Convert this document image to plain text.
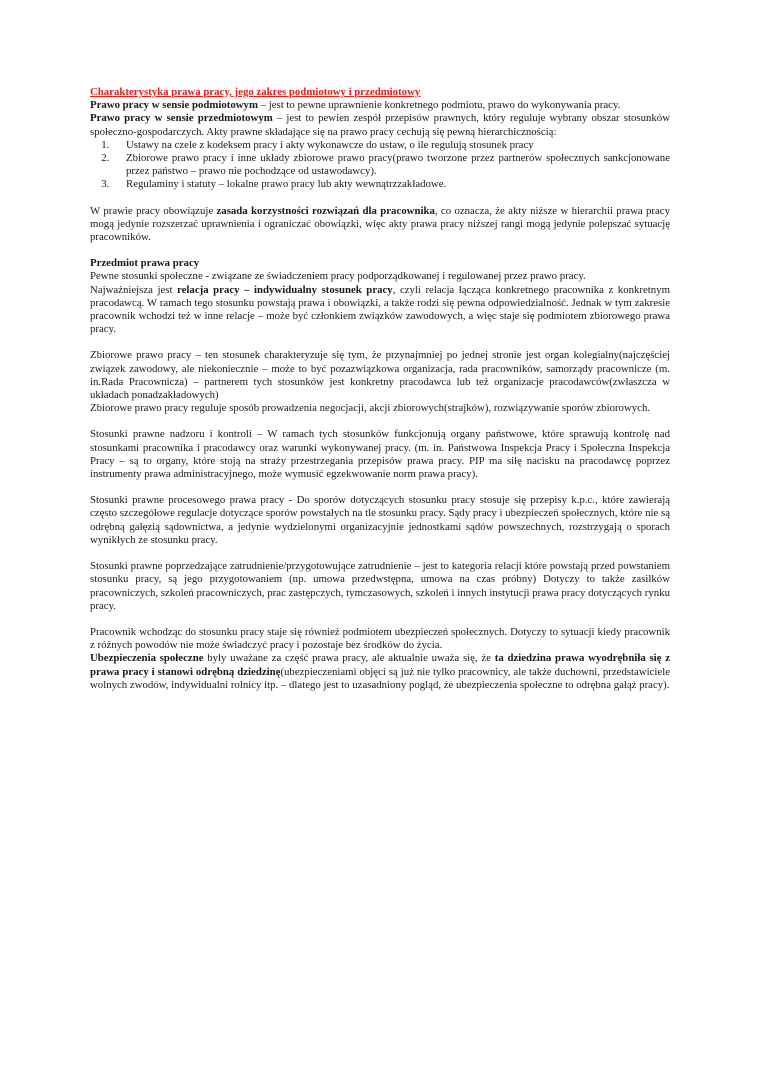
Charakterystyka prawa pracy, jego zakres podmiotowy i przedmiotowy

Prawo pracy w sensie podmiotowym – jest to pewne uprawnienie konkretnego podmiotu, prawo do wykonywania pracy.

Prawo pracy w sensie przedmiotowym – jest to pewien zespół przepisów prawnych, który reguluje wybrany obszar stosunków społeczno-gospodarczych. Akty prawne składające się na prawo pracy cechują się pewną hierarchicznością:

1. Ustawy na czele z kodeksem pracy i akty wykonawcze do ustaw, o ile regulują stosunek pracy
2. Zbiorowe prawo pracy i inne układy zbiorowe prawo pracy(prawo tworzone przez partnerów społecznych sankcjonowane przez państwo – prawo nie pochodzące od ustawodawcy).
3. Regulaminy i statuty – lokalne prawo pracy lub akty wewnątrzzakładowe.

W prawie pracy obowiązuje zasada korzystności rozwiązań dla pracownika, co oznacza, że akty niższe w hierarchii prawa pracy mogą jedynie rozszerzać uprawnienia i ograniczać obowiązki, więc akty prawa pracy niższej rangi mogą jedynie polepszać sytuację pracowników.

Przedmiot prawa pracy

Pewne stosunki społeczne - związane ze świadczeniem pracy podporządkowanej i regulowanej przez prawo pracy.

Najważniejsza jest relacja pracy – indywidualny stosunek pracy, czyli relacja łącząca konkretnego pracownika z konkretnym pracodawcą. W ramach tego stosunku powstają prawa i obowiązki, a także rodzi się pewna odpowiedzialność. Jednak w tym zakresie pracownik wchodzi też w inne relacje – może być członkiem związków zawodowych, a więc staje się podmiotem zbiorowego prawa pracy.

Zbiorowe prawo pracy – ten stosunek charakteryzuje się tym, że przynajmniej po jednej stronie jest organ kolegialny(najczęściej związek zawodowy, ale niekoniecznie – może to być pozazwiązkowa organizacja, rada pracowników, samorządy pracownicze (m. in.Rada Pracownicza) – partnerem tych stosunków jest konkretny pracodawca lub też organizacje pracodawców(zwłaszcza w układach ponadzakładowych)

Zbiorowe prawo pracy reguluje sposób prowadzenia negocjacji, akcji zbiorowych(strajków), rozwiązywanie sporów zbiorowych.

Stosunki prawne nadzoru i kontroli – W ramach tych stosunków funkcjonują organy państwowe, które sprawują kontrolę nad stosunkami pracownika i pracodawcy oraz warunki wykonywanej pracy. (m. in. Państwowa Inspekcja Pracy i Społeczna Inspekcja Pracy – są to organy, które stoją na straży przestrzegania przepisów prawa pracy. PIP ma siłę nacisku na pracodawcę poprzez instrumenty prawa administracyjnego, może wymusić egzekwowanie norm prawa pracy).

Stosunki prawne procesowego prawa pracy - Do sporów dotyczących stosunku pracy stosuje się przepisy k.p.c., które zawierają często szczegółowe regulacje dotyczące sporów powstałych na tle stosunku pracy. Sądy pracy i ubezpieczeń społecznych, które nie są odrębną gałęzią sądownictwa, a jedynie wydzielonymi organizacyjnie jednostkami sądów powszechnych, rozstrzygają o sporach wynikłych ze stosunku pracy.

Stosunki prawne poprzedzające zatrudnienie/przygotowujące zatrudnienie – jest to kategoria relacji które powstają przed powstaniem stosunku pracy, są jego przygotowaniem (np. umowa przedwstępna, umowa na czas próbny) Dotyczy to także zasiłków pracowniczych, szkoleń pracowniczych, prac zastępczych, tymczasowych, szkoleń i innych instytucji prawa pracy dotyczących rynku pracy.

Pracownik wchodząc do stosunku pracy staje się również podmiotem ubezpieczeń społecznych. Dotyczy to sytuacji kiedy pracownik z różnych powodów nie może świadczyć pracy i pozostaje bez środków do życia.

Ubezpieczenia społeczne były uważane za część prawa pracy, ale aktualnie uważa się, że ta dziedzina prawa wyodrębniła się z prawa pracy i stanowi odrębną dziedzinę(ubezpieczeniami objęci są już nie tylko pracownicy, ale także duchowni, przedstawiciele wolnych zwodów, indywidualni rolnicy itp. – dlatego jest to uzasadniony pogląd, że ubezpieczenia społeczne to odrębna gałąź pracy).
